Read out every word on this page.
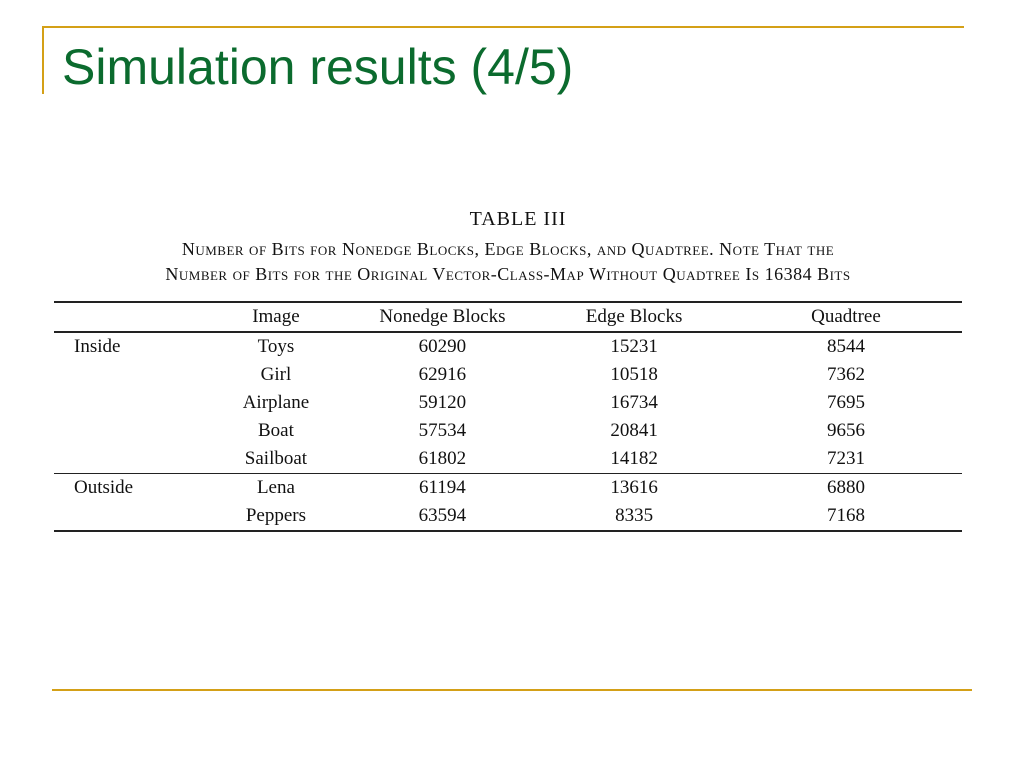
Simulation results (4/5)
TABLE III
Number of Bits for Nonedge Blocks, Edge Blocks, and Quadtree. Note That the
Number of Bits for the Original Vector-Class-Map Without Quadtree Is 16384 Bits
	Image	Nonedge Blocks	Edge Blocks	Quadtree
Inside	Toys	60290	15231	8544
	Girl	62916	10518	7362
	Airplane	59120	16734	7695
	Boat	57534	20841	9656
	Sailboat	61802	14182	7231
Outside	Lena	61194	13616	6880
	Peppers	63594	8335	7168
